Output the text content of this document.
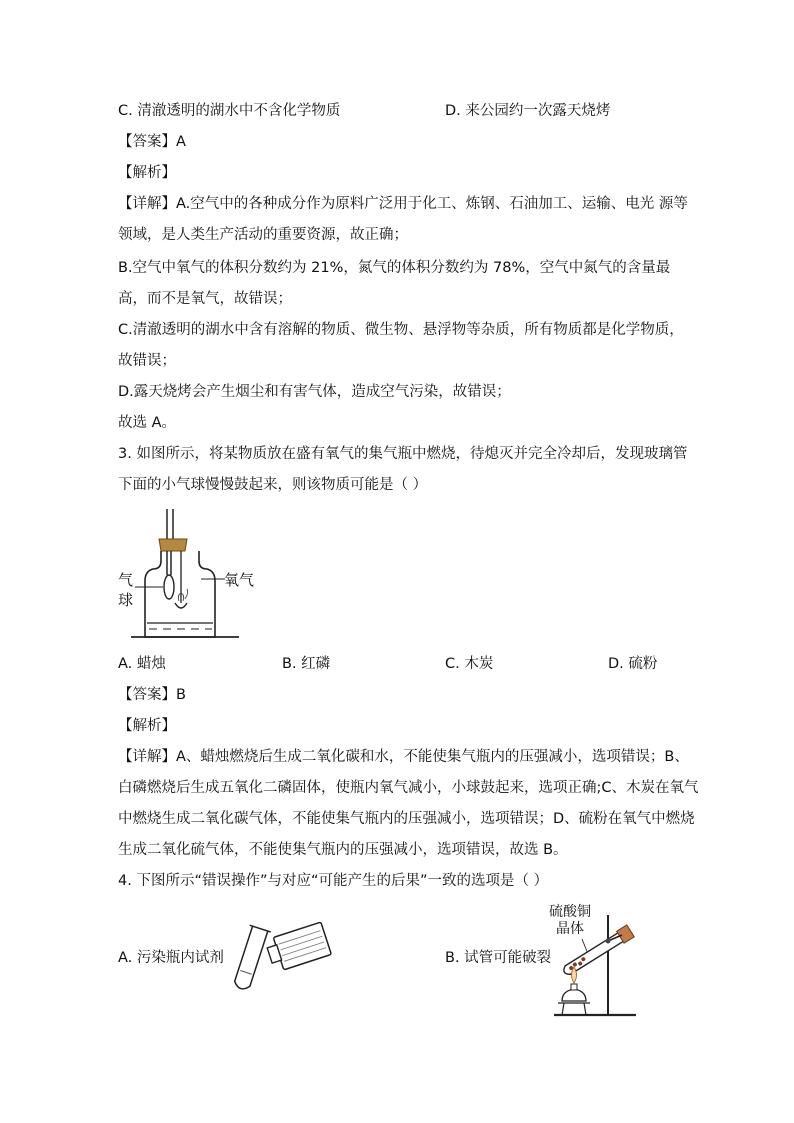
C. 清澈透明的湖水中不含化学物质	D. 来公园约一次露天烧烤
【答案】A
【解析】
【详解】A.空气中的各种成分作为原料广泛用于化工、炼钢、石油加工、运输、电光 源等
领域，是人类生产活动的重要资源，故正确；
B.空气中氧气的体积分数约为 21%，氮气的体积分数约为 78%，空气中氮气的含量最
高，而不是氧气，故错误；
C.清澈透明的湖水中含有溶解的物质、微生物、悬浮物等杂质，所有物质都是化学物质，
故错误；
D.露天烧烤会产生烟尘和有害气体，造成空气污染，故错误；
故选 A。
3. 如图所示，将某物质放在盛有氧气的集气瓶中燃烧，待熄灭并完全冷却后，发现玻璃管
下面的小气球慢慢鼓起来，则该物质可能是（ ）
气
球
氧气
A. 蜡烛	B. 红磷	C. 木炭	D. 硫粉
【答案】B
【解析】
【详解】A、蜡烛燃烧后生成二氧化碳和水，不能使集气瓶内的压强减小，选项错误；B、
白磷燃烧后生成五氧化二磷固体，使瓶内氧气减小，小球鼓起来，选项正确;C、木炭在氧气
中燃烧生成二氧化碳气体，不能使集气瓶内的压强减小，选项错误；D、硫粉在氧气中燃烧
生成二氧化硫气体，不能使集气瓶内的压强减小，选项错误，故选 B。
4. 下图所示“错误操作”与对应“可能产生的后果”一致的选项是（ ）
A. 污染瓶内试剂	B. 试管可能破裂
硫酸铜
晶体
